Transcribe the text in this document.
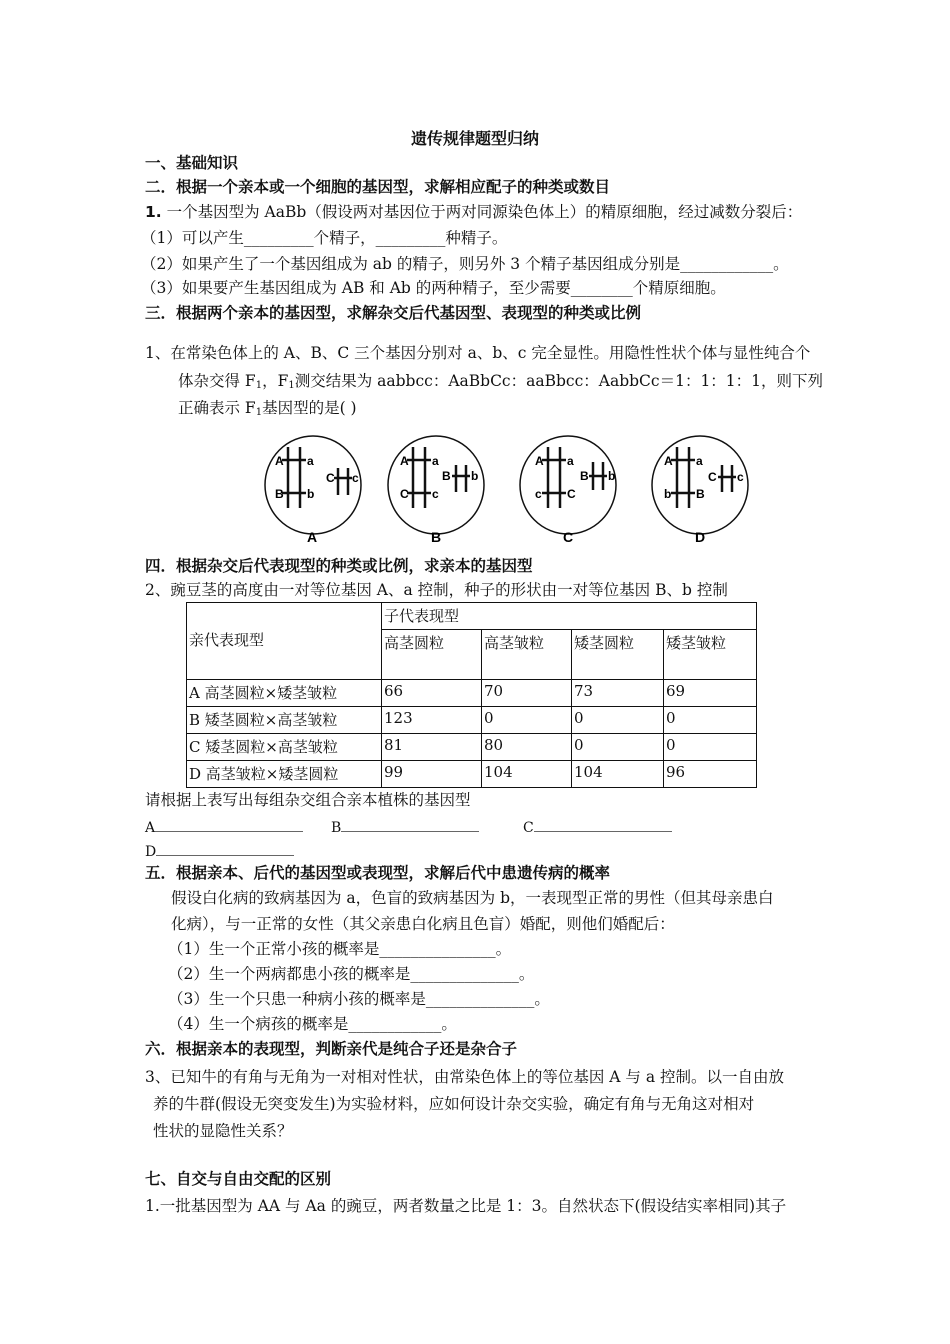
遗传规律题型归纳
一、基础知识
二．根据一个亲本或一个细胞的基因型，求解相应配子的种类或数目
1. 一个基因型为 AaBb（假设两对基因位于两对同源染色体上）的精原细胞，经过减数分裂后：
（1）可以产生_________个精子，_________种精子。
（2）如果产生了一个基因组成为 ab 的精子，则另外 3 个精子基因组成分别是____________。
（3）如果要产生基因组成为 AB 和 Ab 的两种精子，至少需要________个精原细胞。
三．根据两个亲本的基因型，求解杂交后代基因型、表现型的种类或比例
1、在常染色体上的 A、B、C 三个基因分别对 a、b、c 完全显性。用隐性性状个体与显性纯合个
体杂交得 $F_1$，$F_1$测交结果为 aabbcc：AaBbCc：aaBbcc：AabbCc＝1：1：1：1，则下列
正确表示 $F_1$基因型的是( )
A a
B b
C c
A
A a
C c
B b
B
A a
c C
B b
C
A a
b B
C c
D
四．根据杂交后代表现型的种类或比例，求亲本的基因型
2、豌豆茎的高度由一对等位基因 A、a 控制，种子的形状由一对等位基因 B、b 控制
亲代表现型	子代表现型			
	高茎圆粒	高茎皱粒	矮茎圆粒	矮茎皱粒
A 高茎圆粒×矮茎皱粒	66	70	73	69
B 矮茎圆粒×高茎皱粒	123	0	0	0
C 矮茎圆粒×高茎皱粒	81	80	0	0
D 高茎皱粒×矮茎圆粒	99	104	104	96
请根据上表写出每组杂交组合亲本植株的基因型
A	B	C
D
五．根据亲本、后代的基因型或表现型，求解后代中患遗传病的概率
假设白化病的致病基因为 a，色盲的致病基因为 b，一表现型正常的男性（但其母亲患白
化病），与一正常的女性（其父亲患白化病且色盲）婚配，则他们婚配后：
（1）生一个正常小孩的概率是_______________。
（2）生一个两病都患小孩的概率是______________。
（3）生一个只患一种病小孩的概率是______________。
（4）生一个病孩的概率是____________。
六．根据亲本的表现型，判断亲代是纯合子还是杂合子
3、已知牛的有角与无角为一对相对性状，由常染色体上的等位基因 A 与 a 控制。以一自由放
养的牛群(假设无突变发生)为实验材料，应如何设计杂交实验，确定有角与无角这对相对
性状的显隐性关系？
七、自交与自由交配的区别
1.一批基因型为 AA 与 Aa 的豌豆，两者数量之比是 1：3。自然状态下(假设结实率相同)其子
